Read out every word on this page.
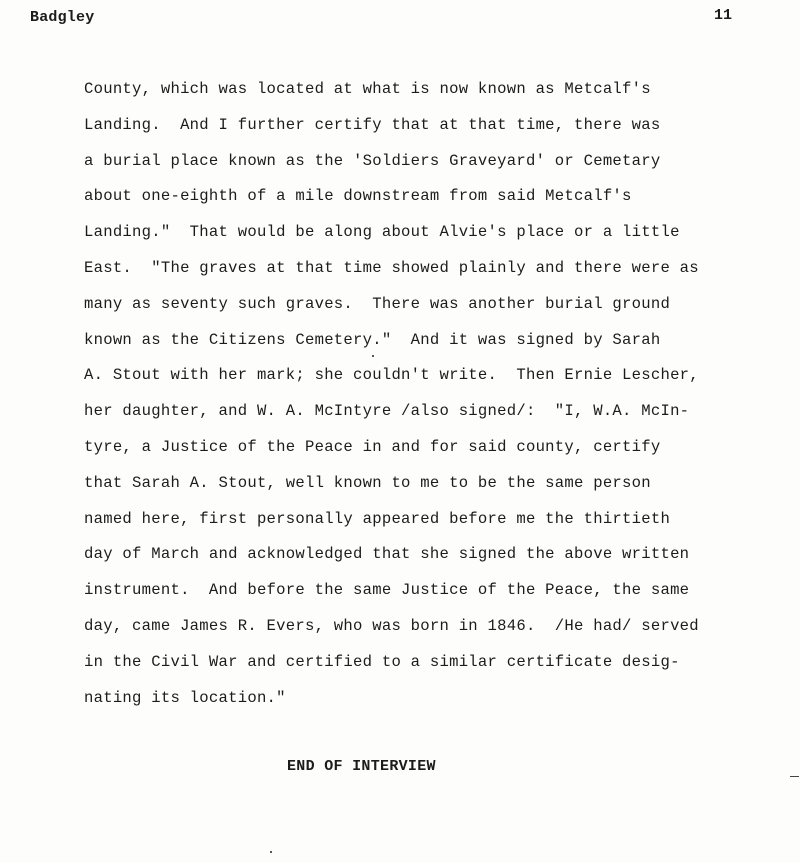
Badgley	11
County, which was located at what is now known as Metcalf's
Landing.  And I further certify that at that time, there was
a burial place known as the 'Soldiers Graveyard' or Cemetary
about one-eighth of a mile downstream from said Metcalf's
Landing."  That would be along about Alvie's place or a little
East.  "The graves at that time showed plainly and there were as
many as seventy such graves.  There was another burial ground
known as the Citizens Cemetery."  And it was signed by Sarah
A. Stout with her mark; she couldn't write.  Then Ernie Lescher,
her daughter, and W. A. McIntyre /also signed/:  "I, W.A. McIn-
tyre, a Justice of the Peace in and for said county, certify
that Sarah A. Stout, well known to me to be the same person
named here, first personally appeared before me the thirtieth
day of March and acknowledged that she signed the above written
instrument.  And before the same Justice of the Peace, the same
day, came James R. Evers, who was born in 1846.  /He had/ served
in the Civil War and certified to a similar certificate desig-
nating its location."
END OF INTERVIEW
